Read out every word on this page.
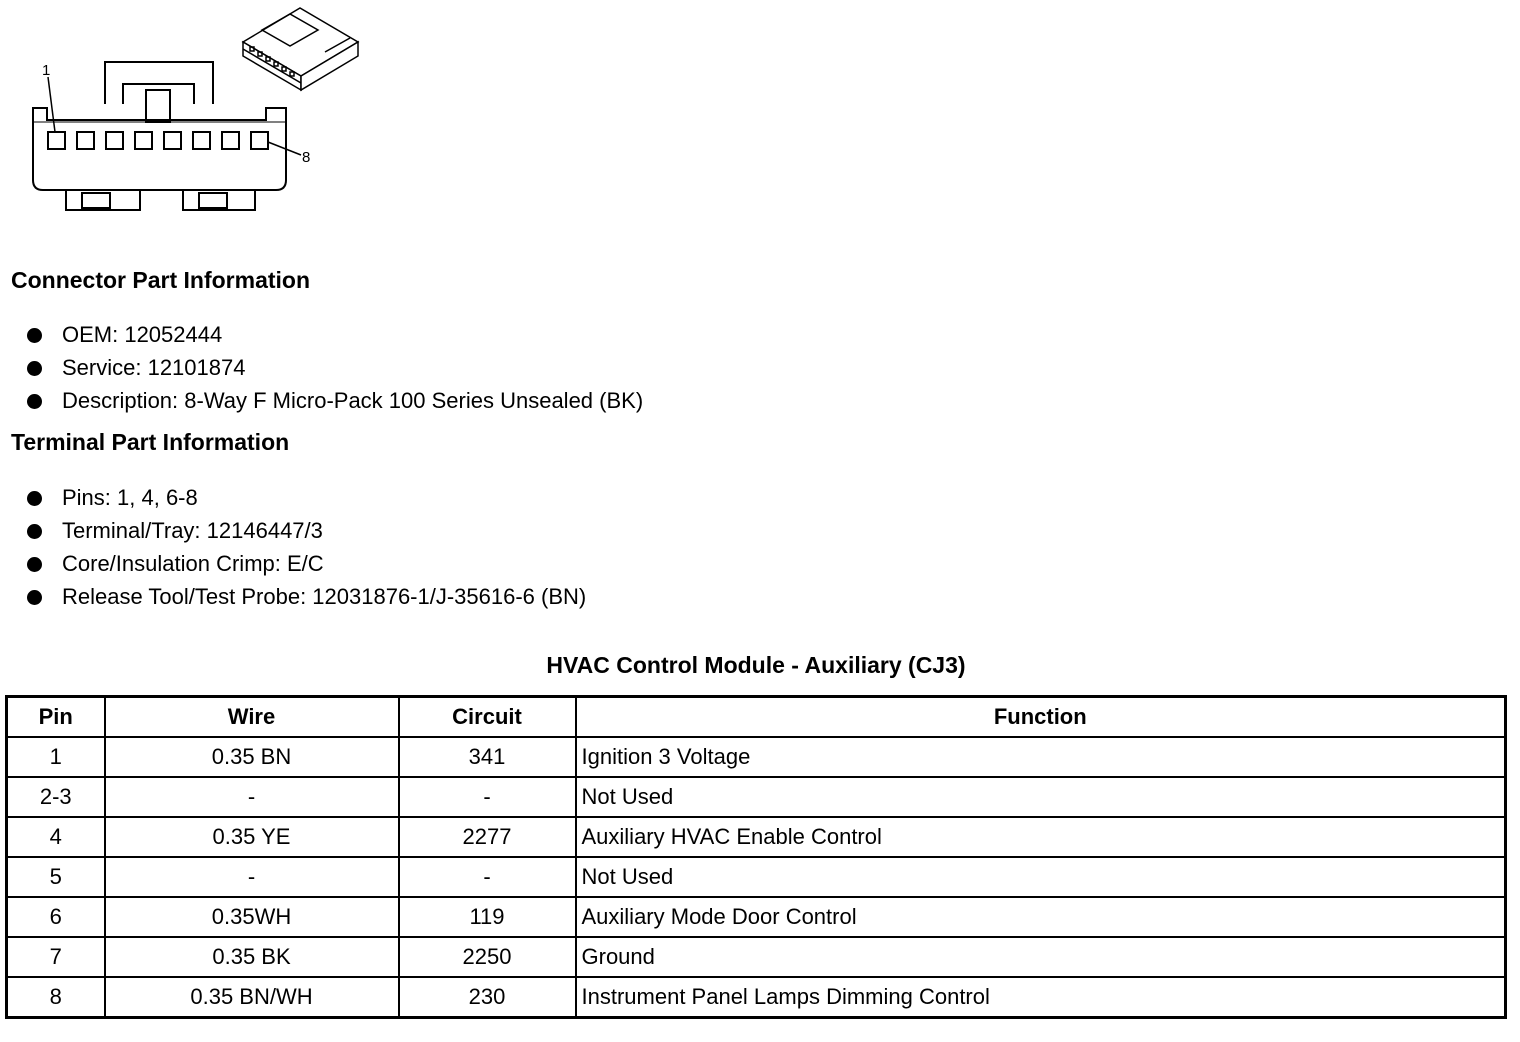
1
8
Connector Part Information
OEM: 12052444
Service: 12101874
Description: 8-Way F Micro-Pack 100 Series Unsealed (BK)
Terminal Part Information
Pins: 1, 4, 6-8
Terminal/Tray: 12146447/3
Core/Insulation Crimp: E/C
Release Tool/Test Probe: 12031876-1/J-35616-6 (BN)
HVAC Control Module - Auxiliary (CJ3)
Pin	Wire	Circuit	Function
1	0.35 BN	341	Ignition 3 Voltage
2-3	-	-	Not Used
4	0.35 YE	2277	Auxiliary HVAC Enable Control
5	-	-	Not Used
6	0.35WH	119	Auxiliary Mode Door Control
7	0.35 BK	2250	Ground
8	0.35 BN/WH	230	Instrument Panel Lamps Dimming Control
